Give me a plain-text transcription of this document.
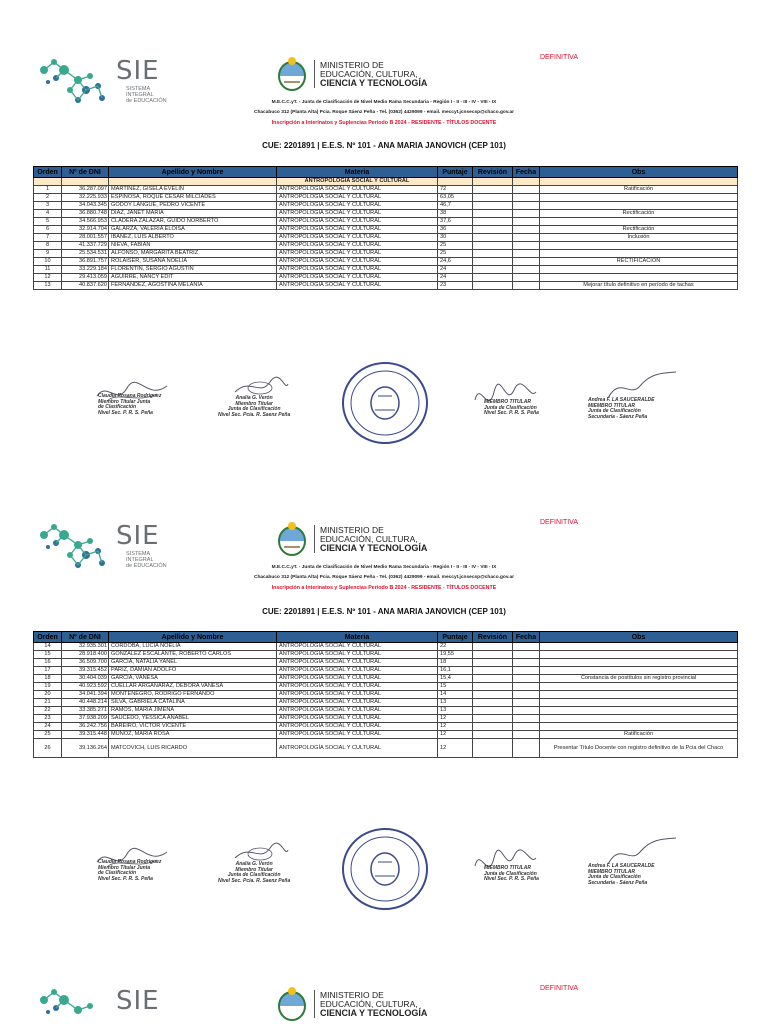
DEFINITIVA
SIE
SISTEMA
INTEGRAL
de EDUCACIÓN
MINISTERIO DE
EDUCACIÓN, CULTURA,
CIENCIA Y TECNOLOGÍA
M.E.C.C.yT. - Junta de Clasificación de Nivel Medio Rama Secundaria - Región I - II - III - IV - VIII - IX
Chacabuco 312 (Planta Alta) Pcia. Roque Sáenz Peña - Tel. (0362) 4429099 - email. meccyt.jcnsecsp@chaco.gov.ar
Inscripción a Interinatos y Suplencias Periodo B 2024 - RESIDENTE - TÍTULOS DOCENTE
CUE: 2201891 | E.E.S. Nº 101 - ANA MARIA JANOVICH (CEP 101)
Orden	Nº de DNI	Apellido y Nombre	Materia	Puntaje	Revisión	Fecha	Obs
			ANTROPOLOGÍA SOCIAL Y CULTURAL				
1	36.287.097	MARTINEZ, GISELA EVELIN	ANTROPOLOGÍA SOCIAL Y CULTURAL	72			Ratificación
2	32.225.933	ESPINOSA, ROQUE CESAR MILCIADES	ANTROPOLOGÍA SOCIAL Y CULTURAL	63,05			
3	34.043.345	GODOY LANGUE, PEDRO VICENTE	ANTROPOLOGÍA SOCIAL Y CULTURAL	46,7			
4	36.880.748	DIAZ, JANET MARÍA	ANTROPOLOGÍA SOCIAL Y CULTURAL	38			Rectificación
5	34.566.953	CLADERA ZALAZAR, GUIDO NORBERTO	ANTROPOLOGÍA SOCIAL Y CULTURAL	37,6			
6	32.914.704	GALARZA, VALERIA ELOISA	ANTROPOLOGÍA SOCIAL Y CULTURAL	36			Rectificación
7	28.001.557	IBAÑEZ, LUIS ALBERTO	ANTROPOLOGÍA SOCIAL Y CULTURAL	30			Inclusión
8	41.337.729	NIEVA, FABIÁN	ANTROPOLOGÍA SOCIAL Y CULTURAL	25			
9	25.534.531	ALFONSO, MARGARITA BEATRIZ	ANTROPOLOGÍA SOCIAL Y CULTURAL	25			
10	36.891.757	ROLAISER, SUSANA NOELIA	ANTROPOLOGÍA SOCIAL Y CULTURAL	24,6			RECTIFICACIÓN
11	33.229.184	FLORENTIN, SERGIO AGUSTIN	ANTROPOLOGÍA SOCIAL Y CULTURAL	24			
12	29.413.059	AGUIRRE, NANCY EDIT	ANTROPOLOGÍA SOCIAL Y CULTURAL	24			
13	40.837.620	FERNANDEZ, AGOSTINA MELANIA	ANTROPOLOGÍA SOCIAL Y CULTURAL	23			Mejorar título definitivo en período de tachas
Claudia Rosana Rodriguez
Miembro Titular Junta
de Clasificación
Nivel Sec. P. R. S. Peña
Analía G. Verón
Miembro Titular
Junta de Clasificación
Nivel Sec. Pcia. R. Saenz Peña
MIEMBRO TITULAR
Junta de Clasificación
Nivel Sec. P. R. S. Peña
Andrea F. LA SAUCERALDE
MIEMBRO TITULAR
Junta de Clasificación
Secundaria - Sáenz Peña
DEFINITIVA
SIE
SISTEMA
INTEGRAL
de EDUCACIÓN
MINISTERIO DE
EDUCACIÓN, CULTURA,
CIENCIA Y TECNOLOGÍA
M.E.C.C.yT. - Junta de Clasificación de Nivel Medio Rama Secundaria - Región I - II - III - IV - VIII - IX
Chacabuco 312 (Planta Alta) Pcia. Roque Sáenz Peña - Tel. (0362) 4429099 - email. meccyt.jcnsecsp@chaco.gov.ar
Inscripción a Interinatos y Suplencias Periodo B 2024 - RESIDENTE - TÍTULOS DOCENTE
CUE: 2201891 | E.E.S. Nº 101 - ANA MARIA JANOVICH (CEP 101)
Orden	Nº de DNI	Apellido y Nombre	Materia	Puntaje	Revisión	Fecha	Obs
14	32.935.301	CORDOBA, LUCIA NOELIA	ANTROPOLOGÍA SOCIAL Y CULTURAL	22			
15	28.918.400	GONZALEZ ESCALANTE, ROBERTO CARLOS	ANTROPOLOGÍA SOCIAL Y CULTURAL	19,55			
16	36.509.700	GARCIA, NATALIA YANEL	ANTROPOLOGÍA SOCIAL Y CULTURAL	18			
17	39.315.452	PARIZ, DAMIAN ADOLFO	ANTROPOLOGÍA SOCIAL Y CULTURAL	16,1			
18	30.404.039	GARCIA, VANESA	ANTROPOLOGÍA SOCIAL Y CULTURAL	15,4			Constancia de postítulos sin registro provincial
19	40.923.592	CUELLAR ARGAÑARAZ, DEBORA VANESA	ANTROPOLOGÍA SOCIAL Y CULTURAL	15			
20	34.041.394	MONTENEGRO, RODRIGO FERNANDO	ANTROPOLOGÍA SOCIAL Y CULTURAL	14			
21	40.448.214	SILVA, GABRIELA CATALINA	ANTROPOLOGÍA SOCIAL Y CULTURAL	13			
22	33.385.271	RAMOS, MARIA JIMENA	ANTROPOLOGÍA SOCIAL Y CULTURAL	13			
23	37.938.209	SAUCEDO, YESSICA ANABEL	ANTROPOLOGÍA SOCIAL Y CULTURAL	12			
24	36.242.756	BAREIRO, VICTOR VICENTE	ANTROPOLOGÍA SOCIAL Y CULTURAL	12			
25	39.315.448	MUÑOZ, MARIA ROSA	ANTROPOLOGÍA SOCIAL Y CULTURAL	12			Ratificación
26	39.136.264	MATCOVICH, LUIS RICARDO	ANTROPOLOGÍA SOCIAL Y CULTURAL	12			Presentar Título Docente con registro definitivo de la Pcia del Chaco
Claudia Rosana Rodriguez
Miembro Titular Junta
de Clasificación
Nivel Sec. P. R. S. Peña
Analía G. Verón
Miembro Titular
Junta de Clasificación
Nivel Sec. Pcia. R. Saenz Peña
MIEMBRO TITULAR
Junta de Clasificación
Nivel Sec. P. R. S. Peña
Andrea F. LA SAUCERALDE
MIEMBRO TITULAR
Junta de Clasificación
Secundaria - Sáenz Peña
DEFINITIVA
SIE	MINISTERIO DE
EDUCACIÓN, CULTURA,
CIENCIA Y TECNOLOGÍA
